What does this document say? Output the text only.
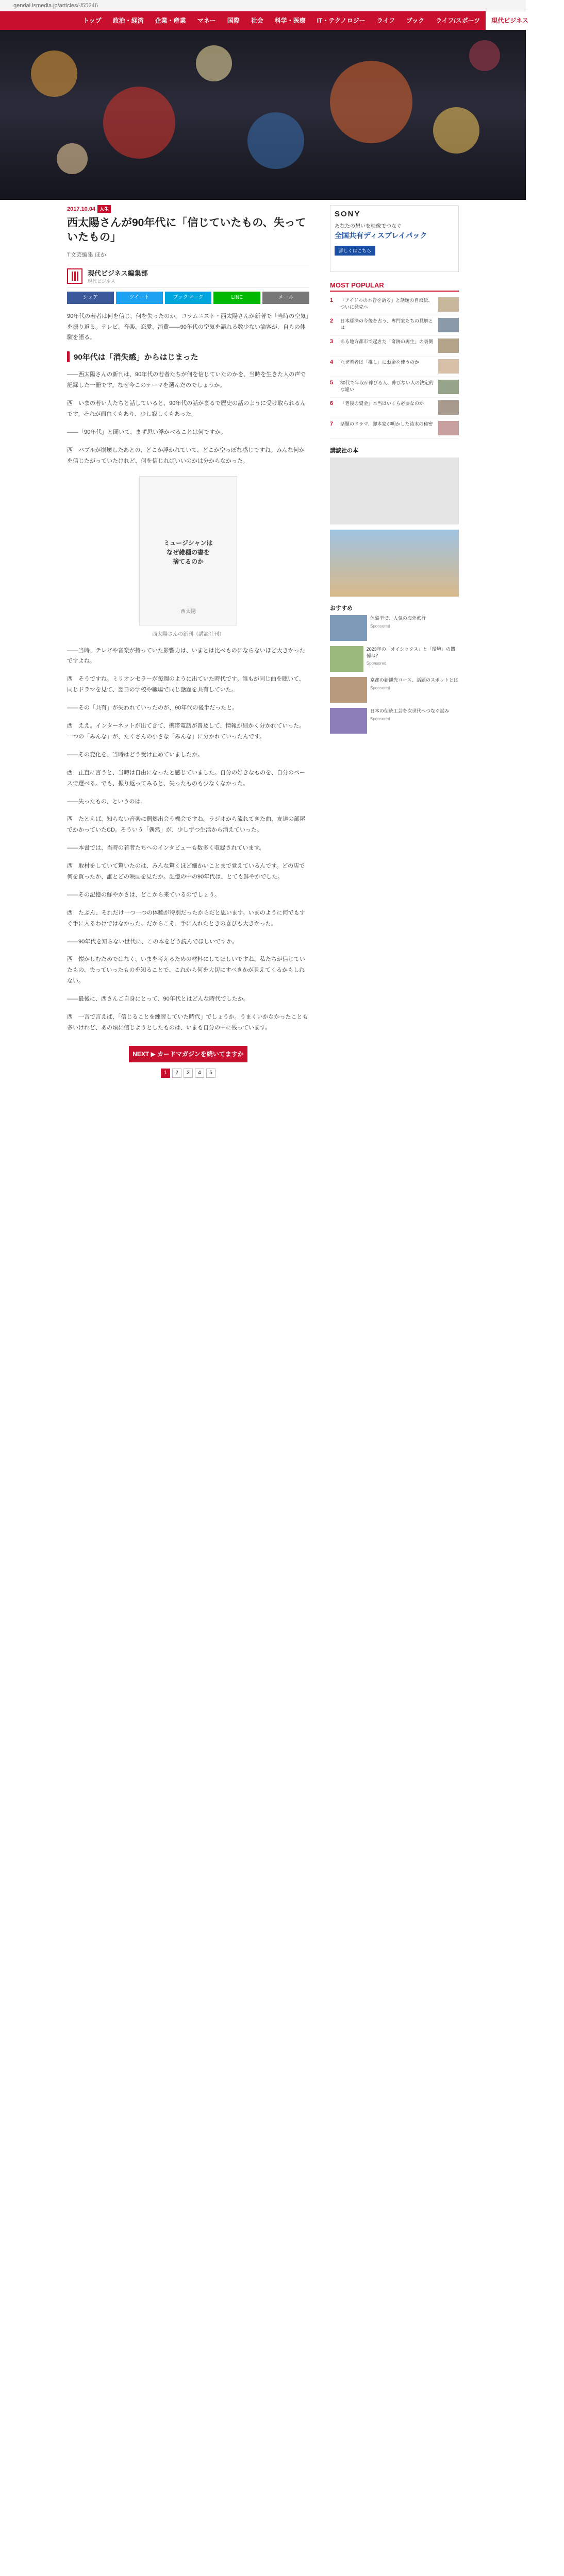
gendai.ismedia.jp/articles/-/55246
トップ	政治・経済	企業・産業	マネー	国際	社会	科学・医療	IT・テクノロジー	ライフ	ブック	ライフ/スポーツ	現代ビジネス	その他
2017.10.04 人生
西太陽さんが90年代に「信じていたもの、失っていたもの」
T文芸編集 ほか
現代ビジネス編集部
現代ビジネス
シェア	ツイート	ブックマーク	LINE	メール

90年代の若者は何を信じ、何を失ったのか。コラムニスト・西太陽さんが新著で「当時の空気」を振り返る。テレビ、音楽、恋愛、消費——90年代の空気を語れる数少ない論客が、自らの体験を語る。

90年代は「消失感」からはじまった

——西太陽さんの新刊は、90年代の若者たちが何を信じていたのかを、当時を生きた人の声で記録した一冊です。なぜ今このテーマを選んだのでしょうか。

西　いまの若い人たちと話していると、90年代の話がまるで歴史の話のように受け取られるんです。それが面白くもあり、少し寂しくもあった。

——「90年代」と聞いて、まず思い浮かべることは何ですか。

西　バブルが崩壊したあとの、どこか浮かれていて、どこか空っぽな感じですね。みんな何かを信じたがっていたけれど、何を信じればいいのかは分からなかった。

ミュージシャンは
なぜ雑種の書を
捨てるのか
西太陽
西太陽さんの新刊（講談社刊）

——当時、テレビや音楽が持っていた影響力は、いまとは比べものにならないほど大きかったですよね。

西　そうですね。ミリオンセラーが毎週のように出ていた時代です。誰もが同じ曲を聴いて、同じドラマを見て、翌日の学校や職場で同じ話題を共有していた。

——その「共有」が失われていったのが、90年代の後半だったと。

西　ええ。インターネットが出てきて、携帯電話が普及して、情報が細かく分かれていった。一つの「みんな」が、たくさんの小さな「みんな」に分かれていったんです。

——その変化を、当時はどう受け止めていましたか。

西　正直に言うと、当時は自由になったと感じていました。自分の好きなものを、自分のペースで選べる。でも、振り返ってみると、失ったものも少なくなかった。

——失ったもの、というのは。

西　たとえば、知らない音楽に偶然出会う機会ですね。ラジオから流れてきた曲、友達の部屋でかかっていたCD。そういう「偶然」が、少しずつ生活から消えていった。

——本書では、当時の若者たちへのインタビューも数多く収録されています。

西　取材をしていて驚いたのは、みんな驚くほど細かいことまで覚えているんです。どの店で何を買ったか、誰とどの映画を見たか。記憶の中の90年代は、とても鮮やかでした。

——その記憶の鮮やかさは、どこから来ているのでしょう。

西　たぶん、それだけ一つ一つの体験が特別だったからだと思います。いまのように何でもすぐ手に入るわけではなかった。だからこそ、手に入れたときの喜びも大きかった。

——90年代を知らない世代に、この本をどう読んでほしいですか。

西　懐かしむためではなく、いまを考えるための材料にしてほしいですね。私たちが信じていたもの、失っていったものを知ることで、これから何を大切にすべきかが見えてくるかもしれない。

——最後に、西さんご自身にとって、90年代とはどんな時代でしたか。

西　一言で言えば、「信じることを練習していた時代」でしょうか。うまくいかなかったことも多いけれど、あの頃に信じようとしたものは、いまも自分の中に残っています。

NEXT ▶ カードマガジンを続いてますか
1	2	3	4	5
SONY
あなたの想いを映像でつなぐ
全国共有ディスプレイパック
詳しくはこちら
MOST POPULAR
1	「アイドルの本音を語る」と話題の自叙伝、ついに発売へ
2	日本経済の今後を占う、専門家たちの見解とは
3	ある地方都市で起きた「奇跡の再生」の裏側
4	なぜ若者は「推し」にお金を使うのか
5	30代で年収が伸びる人、伸びない人の決定的な違い
6	「老後の資金」本当はいくら必要なのか
7	話題のドラマ、脚本家が明かした結末の秘密
講談社の本
おすすめ
体験型で、人気の海外旅行
Sponsored
2023年の「オイシックス」と「環境」の関係は？
Sponsored
京都の新観光コース、話題のスポットとは
Sponsored
日本の伝統工芸を次世代へつなぐ試み
Sponsored
